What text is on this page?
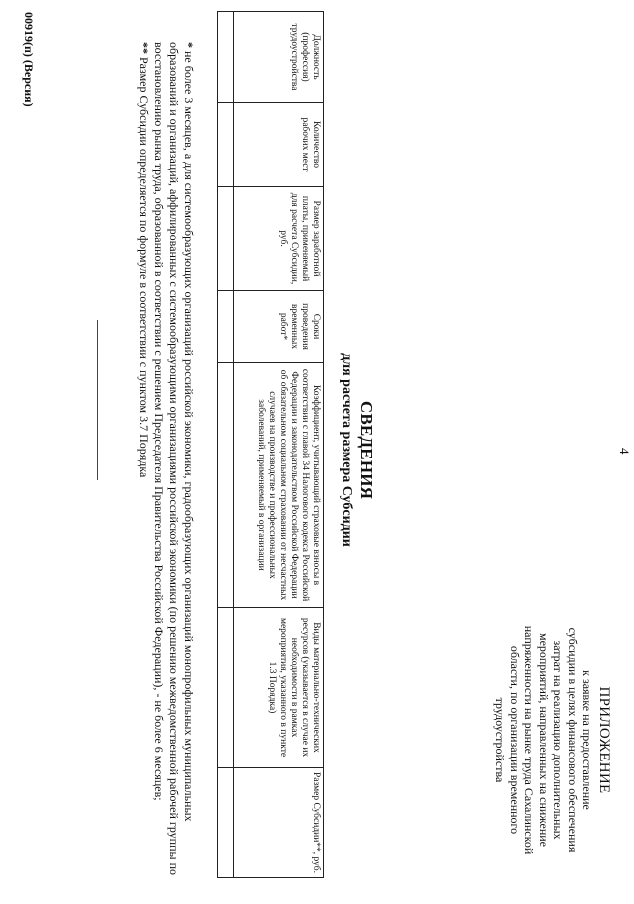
4
ПРИЛОЖЕНИЕ
к заявке на предоставление
субсидии в целях финансового обеспечения
затрат на реализацию дополнительных
мероприятий, направленных на снижение
напряженности на рынке труда Сахалинской
области, по организации временного
трудоустройства
СВЕДЕНИЯ
для расчета размера Субсидии
Должность (профессия) трудоустройства	Количество рабочих мест	Размер заработной платы, применяемый для расчета Субсидии, руб.	Сроки проведения временных работ*	Коэффициент, учитывающий страховые взносы в соответствии с главой 34 Налогового кодекса Российской Федерации и законодательством Российской Федерации об обязательном социальном страховании от несчастных случаев на производстве и профессиональных заболеваний, применяемый в организации	Виды материально-технических ресурсов (указывается в случае их необходимости в рамках мероприятия, указанного в пункте 1.3 Порядка)	Размер Субсидии**, руб.

* не более 3 месяцев, а для системообразующих организаций российской экономики, градообразующих организаций монопрофильных муниципальных образований и организаций, аффилированных с системообразующими организациями российской экономики (по решению межведомственной рабочей группы по восстановлению рынка труда, образованной в соответствии с решением Председателя Правительства Российской Федерации), - не более 6 месяцев;

** Размер Субсидии определяется по формуле в соответствии с пунктом 3.7 Порядка

00919(п) (Версия)
